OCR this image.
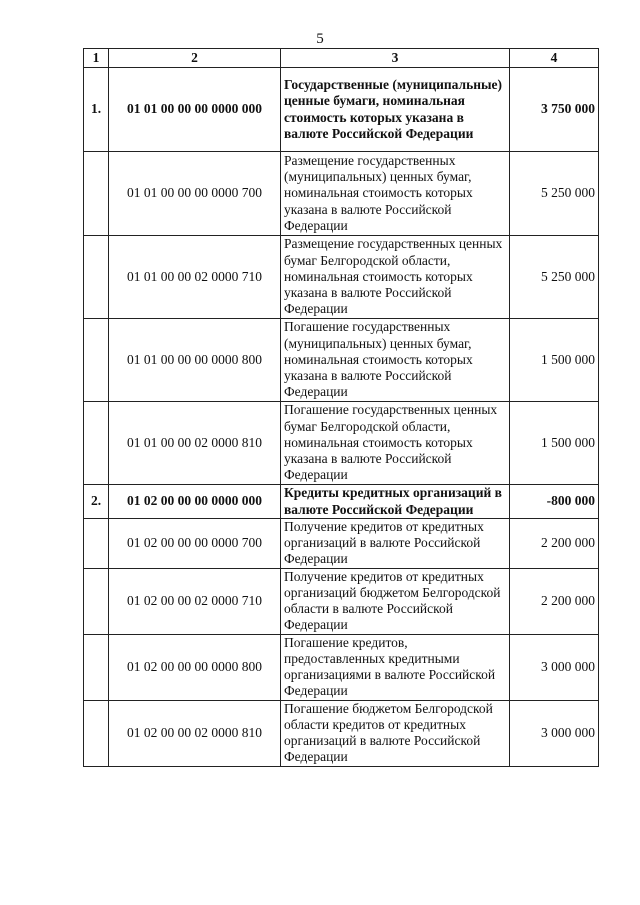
5
1	2	3	4
1.	01 01 00 00 00 0000 000	Государственные (муниципальные) ценные бумаги, номинальная стоимость которых указана в валюте Российской Федерации	3 750 000
	01 01 00 00 00 0000 700	Размещение государственных (муниципальных) ценных бумаг, номинальная стоимость которых указана в валюте Российской Федерации	5 250 000
	01 01 00 00 02 0000 710	Размещение государственных ценных бумаг Белгородской области, номинальная стоимость которых указана в валюте Российской Федерации	5 250 000
	01 01 00 00 00 0000 800	Погашение государственных (муниципальных) ценных бумаг, номинальная стоимость которых указана в валюте Российской Федерации	1 500 000
	01 01 00 00 02 0000 810	Погашение государственных ценных бумаг Белгородской области, номинальная стоимость которых указана в валюте Российской Федерации	1 500 000
2.	01 02 00 00 00 0000 000	Кредиты кредитных организаций в валюте Российской Федерации	-800 000
	01 02 00 00 00 0000 700	Получение кредитов от кредитных организаций в валюте Российской Федерации	2 200 000
	01 02 00 00 02 0000 710	Получение кредитов от кредитных организаций бюджетом Белгородской области в валюте Российской Федерации	2 200 000
	01 02 00 00 00 0000 800	Погашение кредитов, предоставленных кредитными организациями в валюте Российской Федерации	3 000 000
	01 02 00 00 02 0000 810	Погашение бюджетом Белгородской области кредитов от кредитных организаций в валюте Российской Федерации	3 000 000
